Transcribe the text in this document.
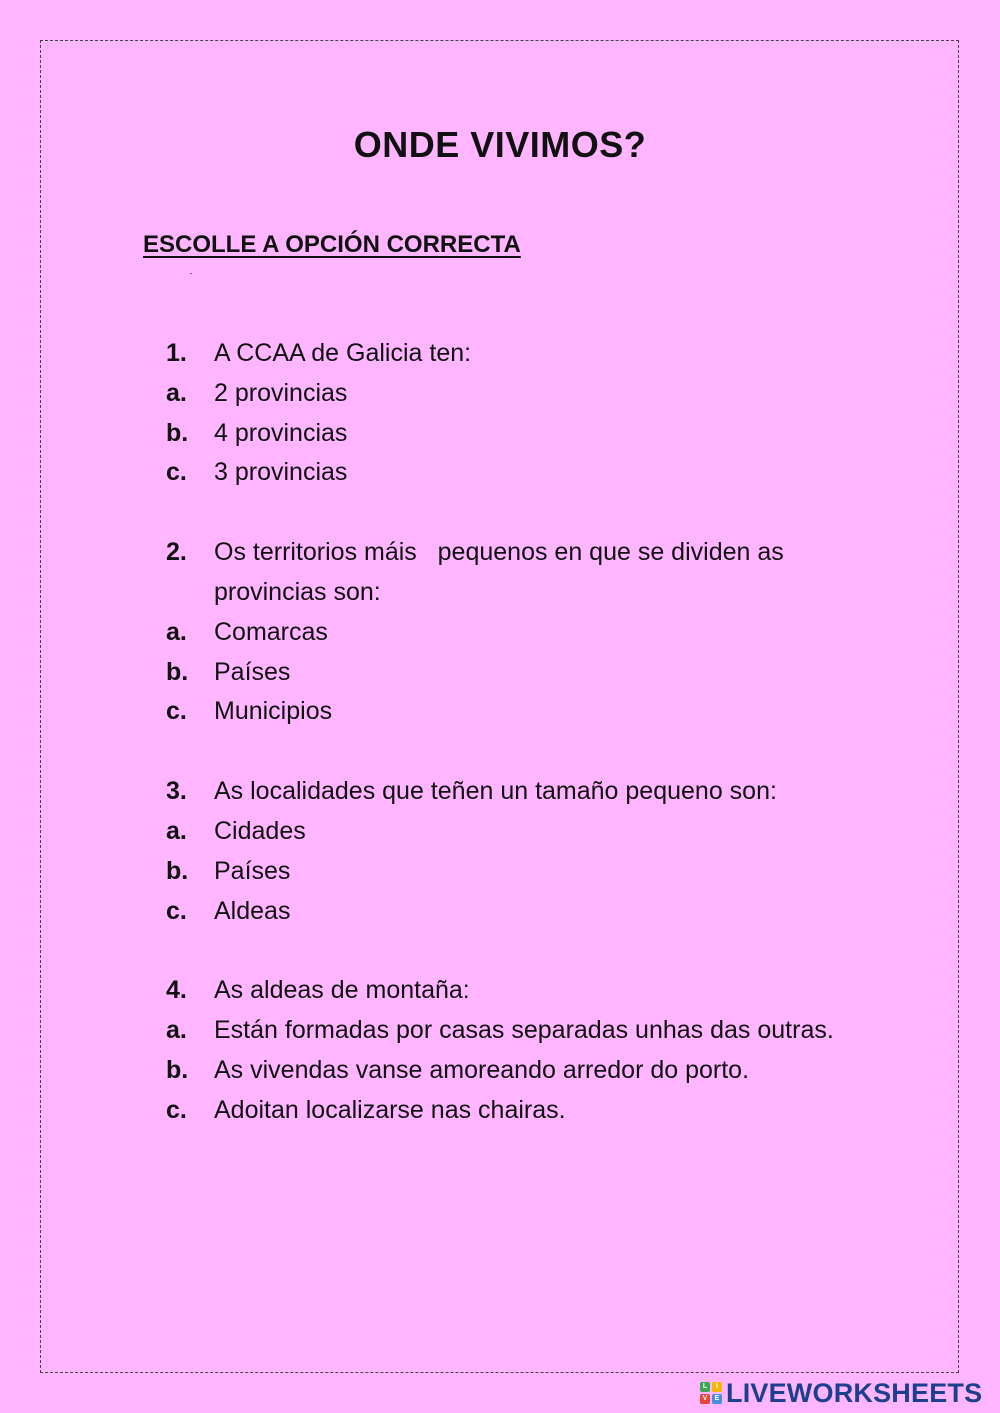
ONDE VIVIMOS?
ESCOLLE A OPCIÓN CORRECTA
1.	A CCAA de Galicia ten:
a.	2 provincias
b.	4 provincias
c.	3 provincias
2.	Os territorios máis   pequenos en que se dividen as provincias son:
a.	Comarcas
b.	Países
c.	Municipios
3.	As localidades que teñen un tamaño pequeno son:
a.	Cidades
b.	Países
c.	Aldeas
4.	As aldeas de montaña:
a.	Están formadas por casas separadas unhas das outras.
b.	As vivendas vanse amoreando arredor do porto.
c.	Adoitan localizarse nas chairas.
L	I
V	E LIVEWORKSHEETS
